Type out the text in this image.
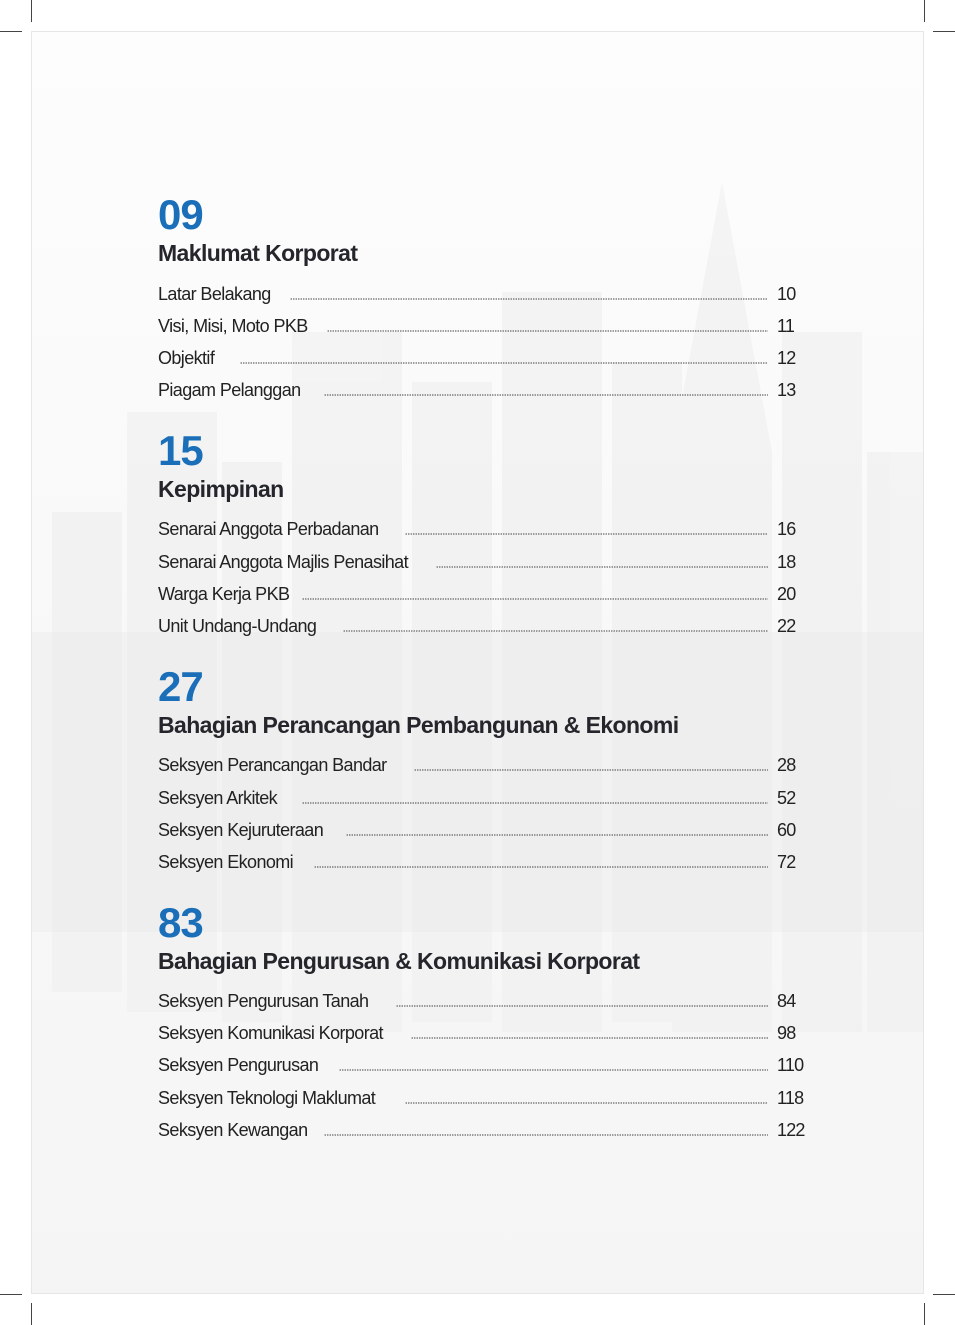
09
Maklumat Korporat
Latar Belakang	10
Visi, Misi, Moto PKB	11
Objektif	12
Piagam Pelanggan	13
15
Kepimpinan
Senarai Anggota Perbadanan	16
Senarai Anggota Majlis Penasihat	18
Warga Kerja PKB	20
Unit Undang-Undang	22
27
Bahagian Perancangan Pembangunan & Ekonomi
Seksyen Perancangan Bandar	28
Seksyen Arkitek	52
Seksyen Kejuruteraan	60
Seksyen Ekonomi	72
83
Bahagian Pengurusan & Komunikasi Korporat
Seksyen Pengurusan Tanah	84
Seksyen Komunikasi Korporat	98
Seksyen Pengurusan	110
Seksyen Teknologi Maklumat	118
Seksyen Kewangan	122
